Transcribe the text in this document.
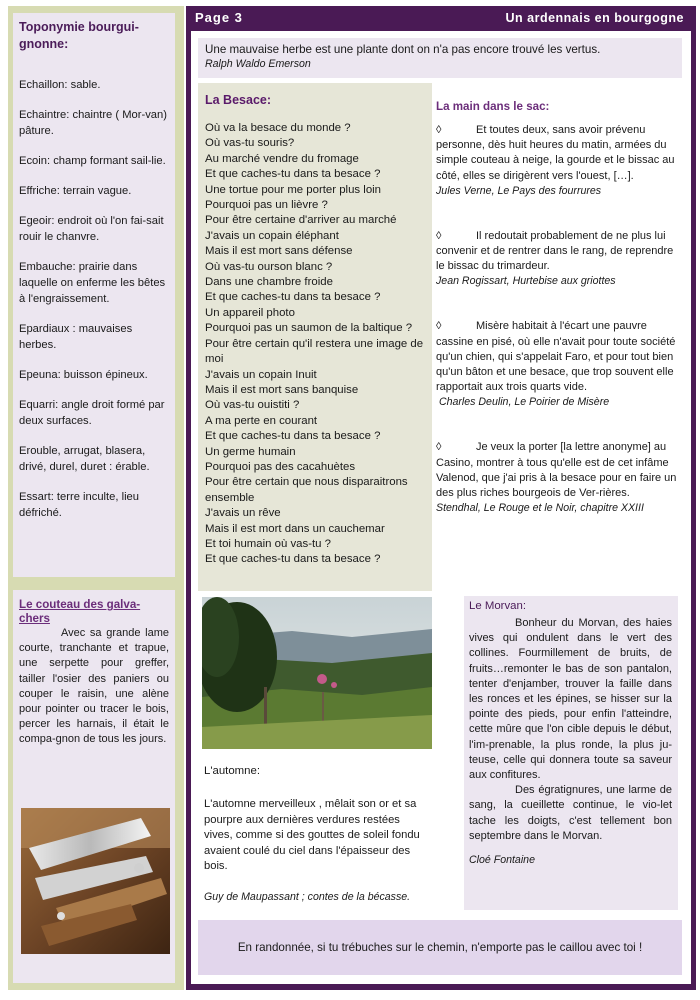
Toponymie bourgui-gnonne:
Echaillon: sable.
Echaintre: chaintre ( Mor-van) pâture.
Ecoin: champ formant sail-lie.
Effriche: terrain vague.
Egeoir: endroit où l'on fai-sait rouir le chanvre.
Embauche: prairie dans laquelle on enferme les bêtes à l'engraissement.
Epardiaux : mauvaises herbes.
Epeuna: buisson épineux.
Equarri: angle droit formé par deux surfaces.
Erouble, arrugat, blasera, drivé, durel, duret : érable.
Essart: terre inculte, lieu défriché.
Le couteau des galva-chers
Avec sa grande lame courte, tranchante et trapue, une serpette pour greffer, tailler l'osier des paniers ou couper le raisin, une alène pour pointer ou tracer le bois, percer les harnais, il était le compa-gnon de tous les jours.
Page 3	Un ardennais en bourgogne
Une mauvaise herbe est une plante dont on n'a pas encore trouvé les vertus.
Ralph Waldo Emerson
La Besace:
Où va la besace du monde ?
Où vas-tu souris?
Au marché vendre du fromage
Et que caches-tu dans ta besace ?
Une tortue pour me porter plus loin
Pourquoi pas un lièvre ?
Pour être certaine d'arriver au marché
J'avais un copain éléphant
Mais il est mort sans défense
Où vas-tu ourson blanc ?
Dans une chambre froide
Et que caches-tu dans ta besace ?
Un appareil photo
Pourquoi pas un saumon de la baltique ?
Pour être certain qu'il restera une image de moi
J'avais un copain Inuit
Mais il est mort sans banquise
Où vas-tu ouistiti ?
A ma perte en courant
Et que caches-tu dans ta besace ?
Un germe humain
Pourquoi pas des cacahuètes
Pour être certain que nous disparaitrons ensemble
J'avais un rêve
Mais il est mort dans un cauchemar
Et toi humain où vas-tu ?
Et que caches-tu dans ta besace ?
La main dans le sac:
◊	Et toutes deux, sans avoir prévenu personne, dès huit heures du matin, armées du simple couteau à neige, la gourde et le bissac au côté, elles se dirigèrent vers l'ouest, […].
Jules Verne, Le Pays des fourrures
◊	Il redoutait probablement de ne plus lui convenir et de rentrer dans le rang, de reprendre le bissac du trimardeur.
Jean Rogissart, Hurtebise aux griottes
◊	Misère habitait à l'écart une pauvre cassine en pisé, où elle n'avait pour toute société qu'un chien, qui s'appelait Faro, et pour tout bien qu'un bâton et une besace, que trop souvent elle rapportait aux trois quarts vide.
Charles Deulin, Le Poirier de Misère
◊	Je veux la porter [la lettre anonyme] au Casino, montrer à tous qu'elle est de cet infâme Valenod, que j'ai pris à la besace pour en faire un des plus riches bourgeois de Ver-rières.
Stendhal, Le Rouge et le Noir, chapitre XXIII
L'automne:
L'automne merveilleux , mêlait son or et sa pourpre aux dernières verdures restées vives, comme si des gouttes de soleil fondu avaient coulé du ciel dans l'épaisseur des bois.
Guy de Maupassant ; contes de la bécasse.
Le Morvan:
Bonheur du Morvan, des haies vives qui ondulent dans le vert des collines. Fourmillement de bruits, de fruits…remonter le bas de son pantalon, tenter d'enjamber, trouver la faille dans les ronces et les épines, se hisser sur la pointe des pieds, pour enfin l'atteindre, cette mûre que l'on cible depuis le début, l'im-prenable, la plus ronde, la plus ju-teuse, celle qui donnera toute sa saveur aux confitures.
Des égratignures, une larme de sang, la cueillette continue, le vio-let tache les doigts, c'est tellement bon septembre dans le Morvan.
Cloé Fontaine
En randonnée, si tu trébuches sur le chemin, n'emporte pas le caillou avec toi !
